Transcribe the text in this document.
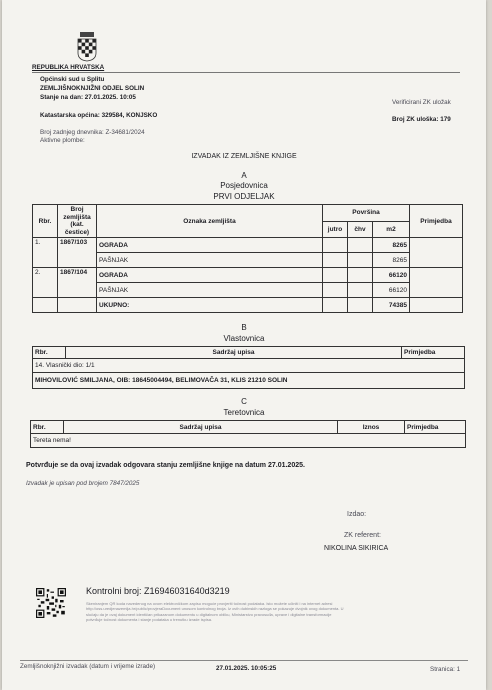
REPUBLIKA HRVATSKA
Općinski sud u Splitu
ZEMLJIŠNOKNJIŽNI ODJEL SOLIN
Stanje na dan: 27.01.2025. 10:05
Verificirani ZK uložak
Katastarska općina: 329584, KONJSKO
Broj ZK uloška: 179
Broj zadnjeg dnevnika: Z-34681/2024
Aktivne plombe:
IZVADAK IZ ZEMLJIŠNE KNJIGE
A
Posjedovnica
PRVI ODJELJAK
Rbr.	Broj zemljišta (kat. čestice)	Oznaka zemljišta	Površina			Primjedba
			jutro	čhv	m2	
1.	1867/103	OGRADA			8265	
		PAŠNJAK			8265	
2.	1867/104	OGRADA			66120	
		PAŠNJAK			66120	
		UKUPNO:			74385	
B
Vlastovnica
Rbr.	Sadržaj upisa	Primjedba
14. Vlasnički dio: 1/1
MIHOVILOVIĆ SMILJANA, OIB: 18645004494, BELIMOVAČA 31, KLIS 21210 SOLIN
C
Teretovnica
Rbr.	Sadržaj upisa	Iznos	Primjedba
Tereta nema!
Potvrđuje se da ovaj izvadak odgovara stanju zemljišne knjige na datum 27.01.2025.
Izvadak je upisan pod brojem 7847/2025
Izdao:
ZK referent:
NIKOLINA SIKIRICA
Kontrolni broj: Z16946031640d3219
Skeniranjem QR koda navedenog na ovom elektroničkom zapisu moguće provjeriti točnost podataka. Isto možete učiniti i na internet adresi
http://oss.uredjenazemlja.hr/public/provjeraDocument unosom kontrolnog broja. Iz ovih dubinskih razloga se pokazuje dvojnik ovog dokumenta. U
slučaju da je ovaj dokument identičan prikazanom dokumentu u digitalnom obliku, Ministarstvo pravosuđa, uprave i digitalne transformacije
potvrđuje točnost dokumenta i stanje podataka u trenutku izrade ispisa.
Zemljišnoknjižni izvadak (datum i vrijeme izrade)	27.01.2025. 10:05:25	Stranica: 1
